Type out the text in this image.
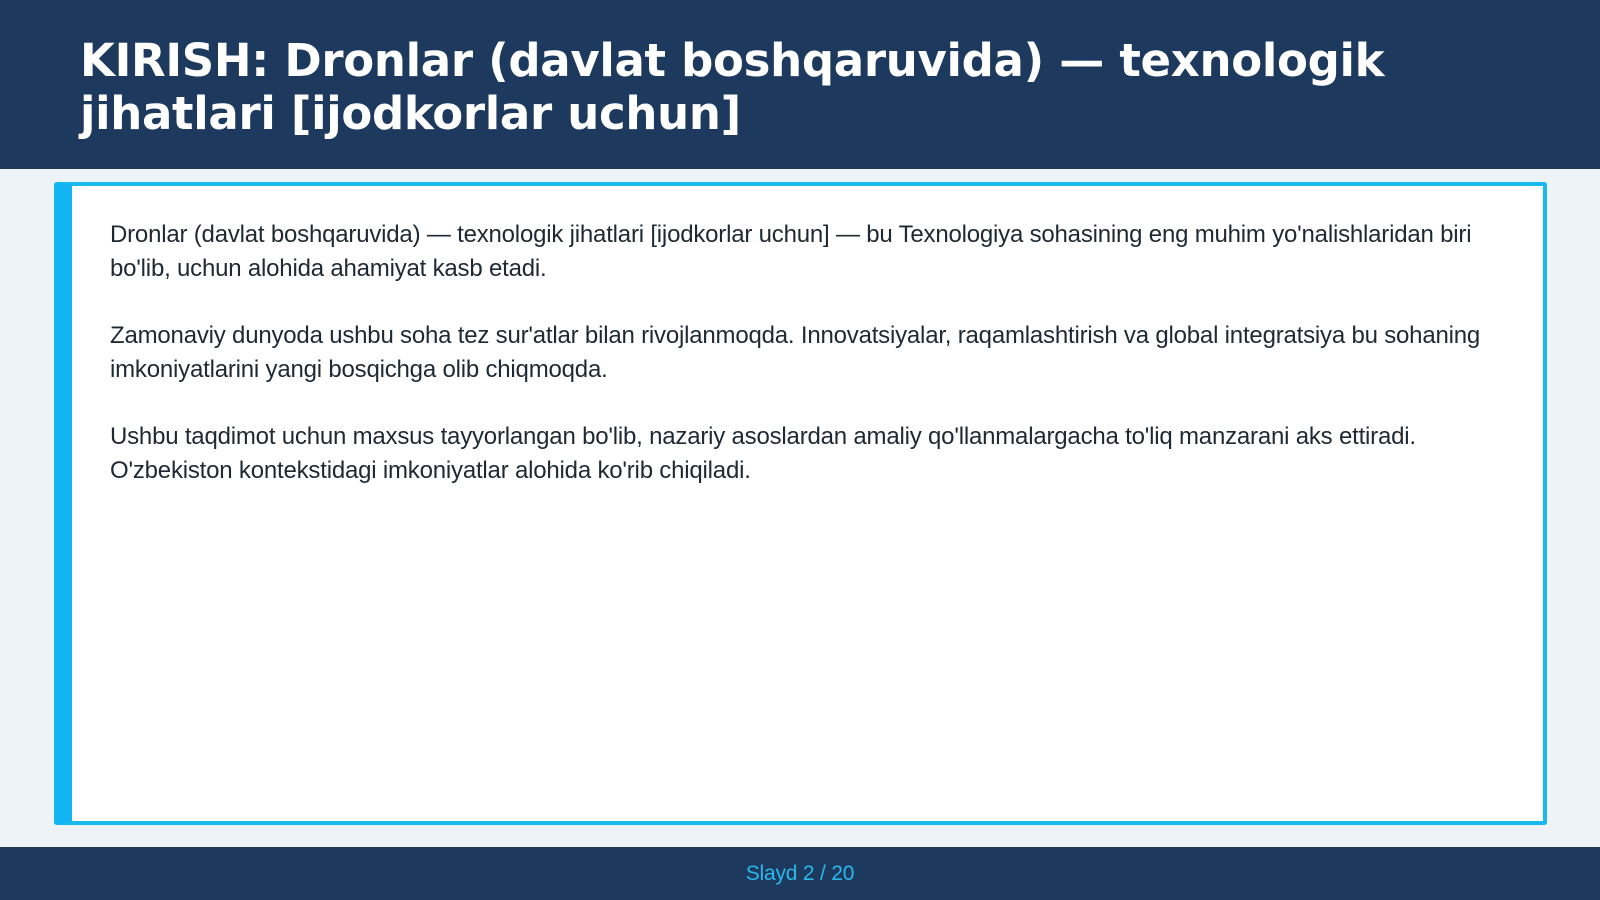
KIRISH: Dronlar (davlat boshqaruvida) — texnologik jihatlari [ijodkorlar uchun]

Dronlar (davlat boshqaruvida) — texnologik jihatlari [ijodkorlar uchun] — bu Texnologiya sohasining eng muhim yo'nalishlaridan biri bo'lib, uchun alohida ahamiyat kasb etadi.

Zamonaviy dunyoda ushbu soha tez sur'atlar bilan rivojlanmoqda. Innovatsiyalar, raqamlashtirish va global integratsiya bu sohaning imkoniyatlarini yangi bosqichga olib chiqmoqda.

Ushbu taqdimot uchun maxsus tayyorlangan bo'lib, nazariy asoslardan amaliy qo'llanmalargacha to'liq manzarani aks ettiradi. O'zbekiston kontekstidagi imkoniyatlar alohida ko'rib chiqiladi.

Slayd 2 / 20
